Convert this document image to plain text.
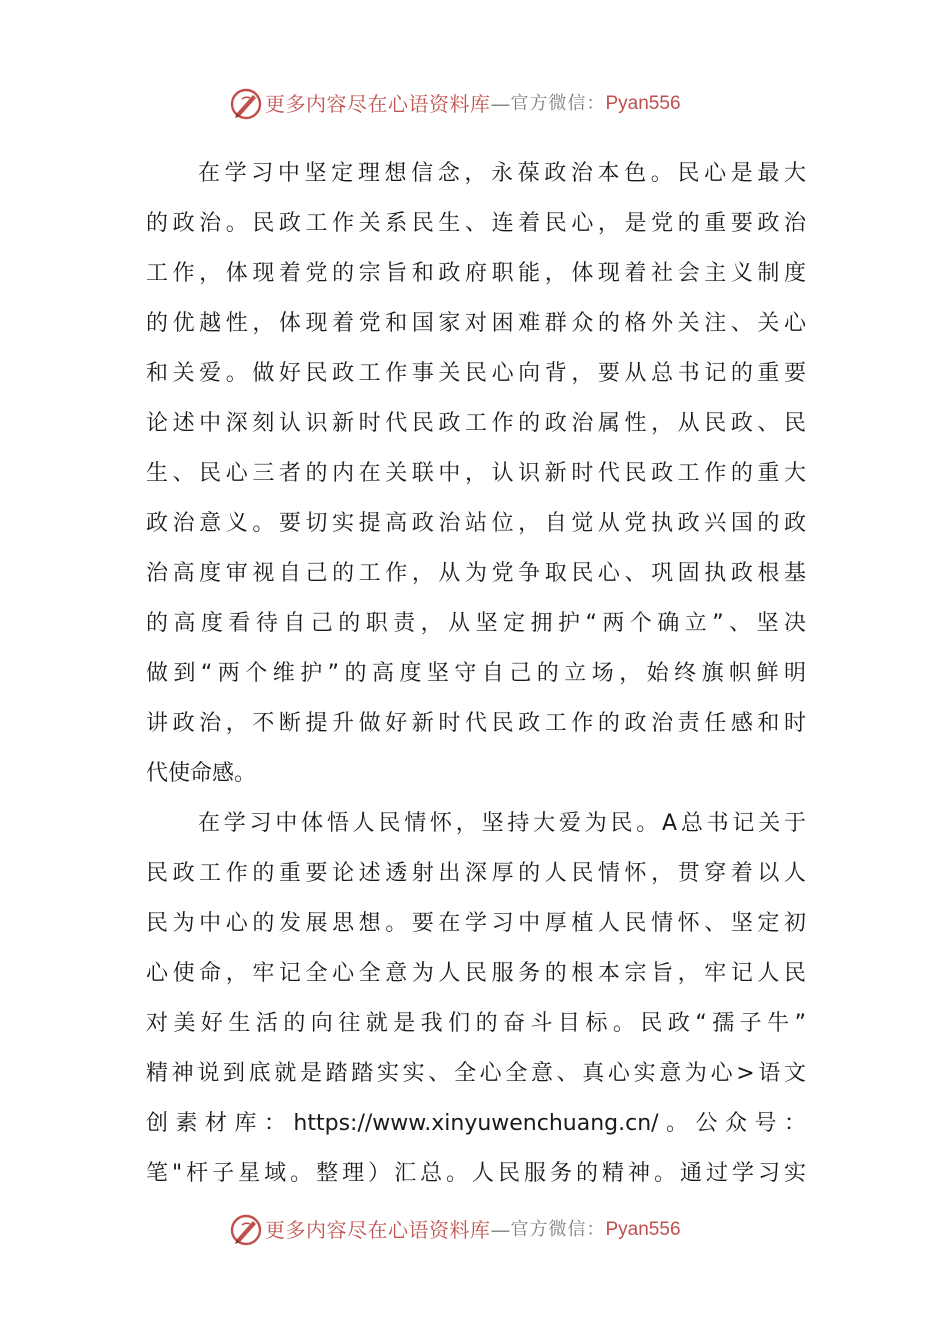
更多内容尽在心语资料库 — 官方微信： Pyan556
在学习中坚定理想信念，永葆政治本色。民心是最大
的政治。民政工作关系民生、连着民心，是党的重要政治
工作，体现着党的宗旨和政府职能，体现着社会主义制度
的优越性，体现着党和国家对困难群众的格外关注、关心
和关爱。做好民政工作事关民心向背，要从总书记的重要
论述中深刻认识新时代民政工作的政治属性，从民政、民
生、民心三者的内在关联中，认识新时代民政工作的重大
政治意义。要切实提高政治站位，自觉从党执政兴国的政
治高度审视自己的工作，从为党争取民心、巩固执政根基
的高度看待自己的职责，从坚定拥护“两个确立”、坚决
做到“两个维护”的高度坚守自己的立场，始终旗帜鲜明
讲政治，不断提升做好新时代民政工作的政治责任感和时
代使命感。
在学习中体悟人民情怀，坚持大爱为民。A总书记关于
民政工作的重要论述透射出深厚的人民情怀，贯穿着以人
民为中心的发展思想。要在学习中厚植人民情怀、坚定初
心使命，牢记全心全意为人民服务的根本宗旨，牢记人民
对美好生活的向往就是我们的奋斗目标。民政“孺子牛”
精神说到底就是踏踏实实、全心全意、真心实意为心>语文
创素材库：https://www.xinyuwenchuang.cn/。公众号：
笔"杆子星域。整理）汇总。人民服务的精神。通过学习实
更多内容尽在心语资料库 — 官方微信： Pyan556
